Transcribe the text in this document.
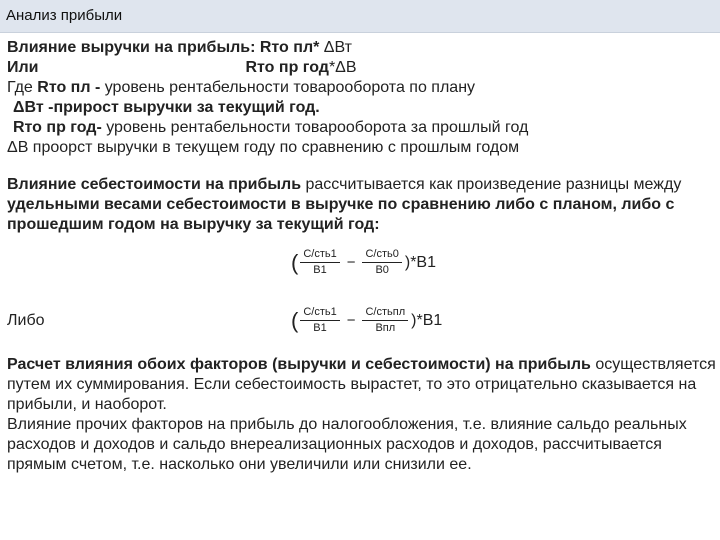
Анализ прибыли
Влияние выручки на прибыль: Rто пл* ΔВт
Или	Rто пр год*ΔВ
Где Rто пл - уровень рентабельности товарооборота по плану
ΔВт -прирост выручки за текущий год.
Rто пр год- уровень рентабельности товарооборота за прошлый год
ΔВ проорст выручки в текущем году по сравнению с прошлым годом
Влияние себестоимости на прибыль рассчитывается как произведение разницы между
удельными весами себестоимости в выручке по сравнению либо с планом, либо с
прошедшим годом на выручку за текущий год:
( $\frac{\text{С/сть1}}{В1} - \frac{\text{С/сть0}}{В0} )*В1$
Либо	( $\frac{\text{С/сть1}}{В1} - \frac{\text{С/стьпл}}{\text{Впл}} )*В1$
Расчет влияния обоих факторов (выручки и себестоимости) на прибыль осуществляется
путем их суммирования. Если себестоимость вырастет, то это отрицательно сказывается на
прибыли, и наоборот.
Влияние прочих факторов на прибыль до налогообложения, т.е. влияние сальдо реальных
расходов и доходов и сальдо внереализационных расходов и доходов, рассчитывается
прямым счетом, т.е. насколько они увеличили или снизили ее.
